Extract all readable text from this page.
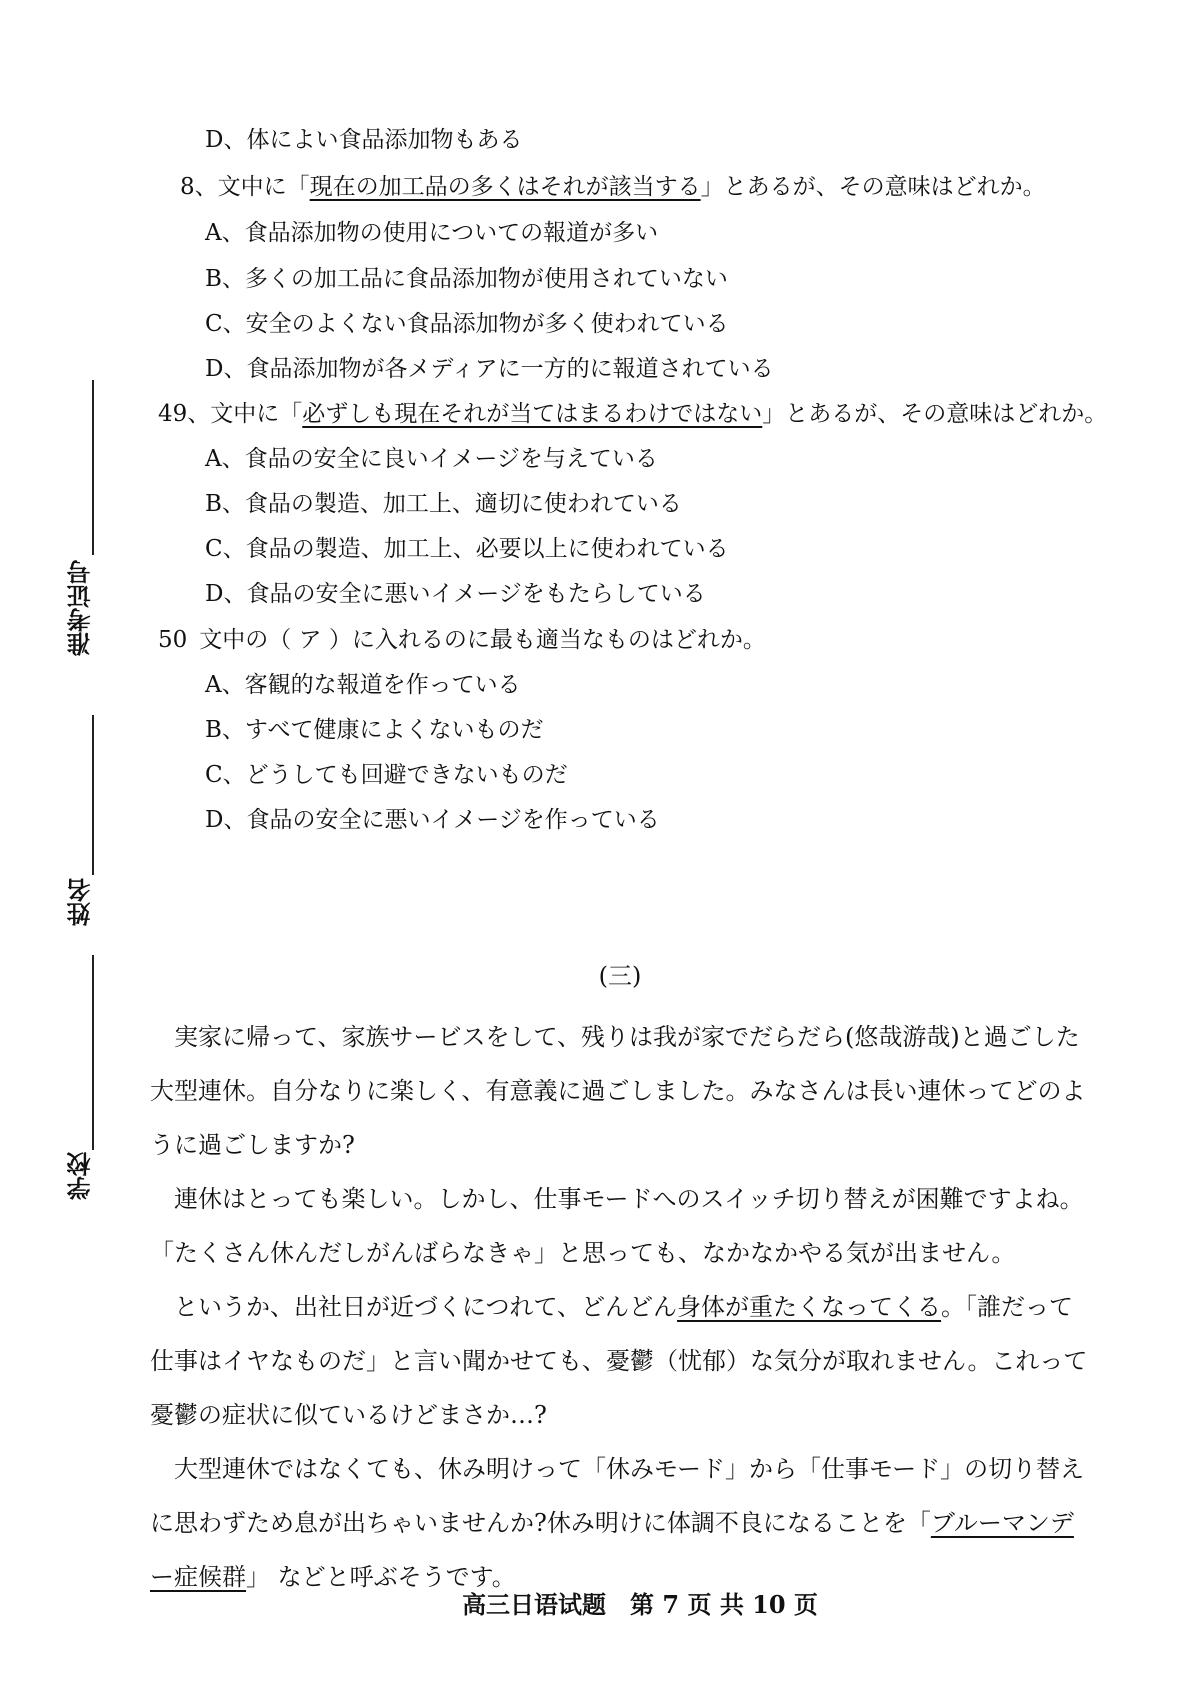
准考证号
姓名
学校
D、体によい食品添加物もある
8、文中に「現在の加工品の多くはそれが該当する」とあるが、その意味はどれか。
A、食品添加物の使用についての報道が多い
B、多くの加工品に食品添加物が使用されていない
C、安全のよくない食品添加物が多く使われている
D、食品添加物が各メディアに一方的に報道されている
49、文中に「必ずしも現在それが当てはまるわけではない」とあるが、その意味はどれか。
A、食品の安全に良いイメージを与えている
B、食品の製造、加工上、適切に使われている
C、食品の製造、加工上、必要以上に使われている
D、食品の安全に悪いイメージをもたらしている
50 文中の（ ア ）に入れるのに最も適当なものはどれか。
A、客観的な報道を作っている
B、すべて健康によくないものだ
C、どうしても回避できないものだ
D、食品の安全に悪いイメージを作っている
(三)
実家に帰って、家族サービスをして、残りは我が家でだらだら(悠哉游哉)と過ごした大型連休。自分なりに楽しく、有意義に過ごしました。みなさんは長い連休ってどのように過ごしますか?
連休はとっても楽しい。しかし、仕事モードへのスイッチ切り替えが困難ですよね。「たくさん休んだしがんばらなきゃ」と思っても、なかなかやる気が出ません。
というか、出社日が近づくにつれて、どんどん身体が重たくなってくる。「誰だって仕事はイヤなものだ」と言い聞かせても、憂鬱（忧郁）な気分が取れません。これって憂鬱の症状に似ているけどまさか…?
大型連休ではなくても、休み明けって「休みモード」から「仕事モード」の切り替えに思わずため息が出ちゃいませんか?休み明けに体調不良になることを「ブルーマンデー症候群」 などと呼ぶそうです。
高三日语试题　第 7 页 共 10 页
